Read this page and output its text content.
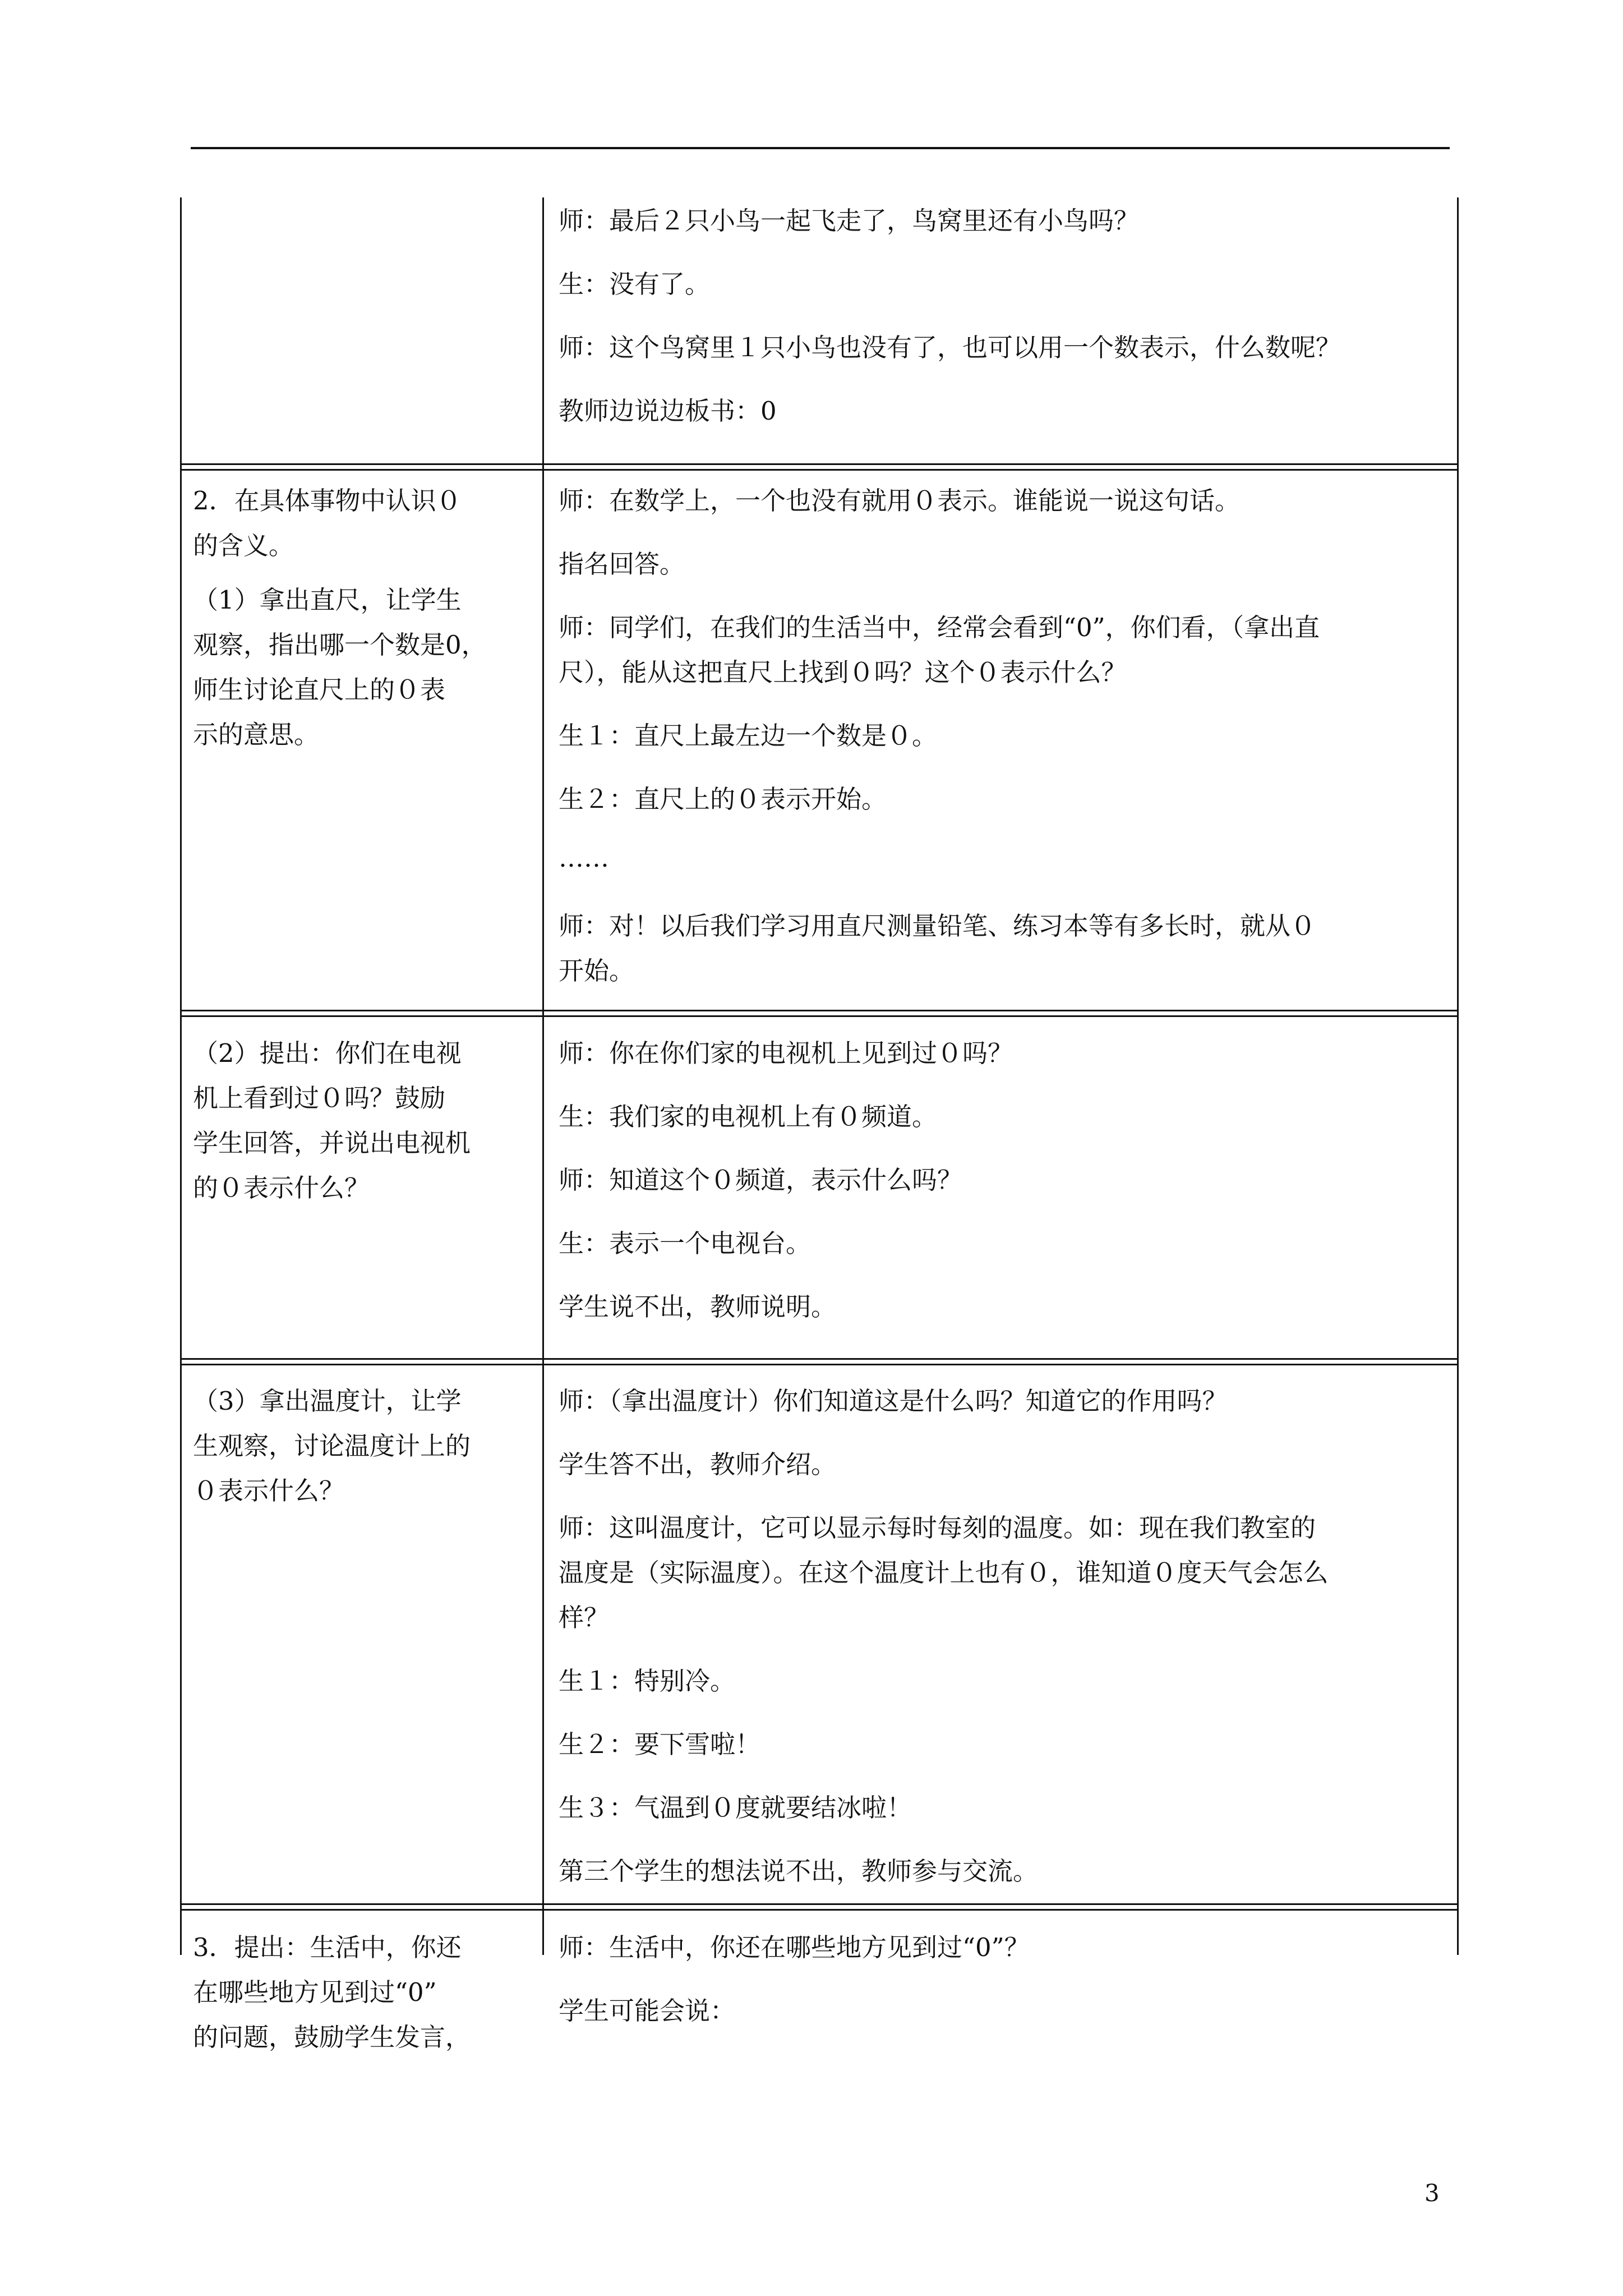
师：最后２只小鸟一起飞走了，鸟窝里还有小鸟吗？
生：没有了。
师：这个鸟窝里１只小鸟也没有了，也可以用一个数表示，什么数呢？
教师边说边板书：0
2．在具体事物中认识０
的含义。
（1）拿出直尺，让学生
观察，指出哪一个数是0，
师生讨论直尺上的０表
示的意思。
师：在数学上，一个也没有就用０表示。谁能说一说这句话。
指名回答。
师：同学们，在我们的生活当中，经常会看到“0”，你们看，（拿出直
尺），能从这把直尺上找到０吗？这个０表示什么？
生１：直尺上最左边一个数是０。
生２：直尺上的０表示开始。
……
师：对！以后我们学习用直尺测量铅笔、练习本等有多长时，就从０
开始。
（2）提出：你们在电视
机上看到过０吗？鼓励
学生回答，并说出电视机
的０表示什么？
师：你在你们家的电视机上见到过０吗？
生：我们家的电视机上有０频道。
师：知道这个０频道，表示什么吗？
生：表示一个电视台。
学生说不出，教师说明。
（3）拿出温度计，让学
生观察，讨论温度计上的
０表示什么？
师：（拿出温度计）你们知道这是什么吗？知道它的作用吗？
学生答不出，教师介绍。
师：这叫温度计，它可以显示每时每刻的温度。如：现在我们教室的
温度是（实际温度）。在这个温度计上也有０，谁知道０度天气会怎么
样？
生１：特别冷。
生２：要下雪啦！
生３：气温到０度就要结冰啦！
第三个学生的想法说不出，教师参与交流。
3．提出：生活中，你还
在哪些地方见到过“0”
的问题，鼓励学生发言，
师：生活中，你还在哪些地方见到过“0”？
学生可能会说：
3
